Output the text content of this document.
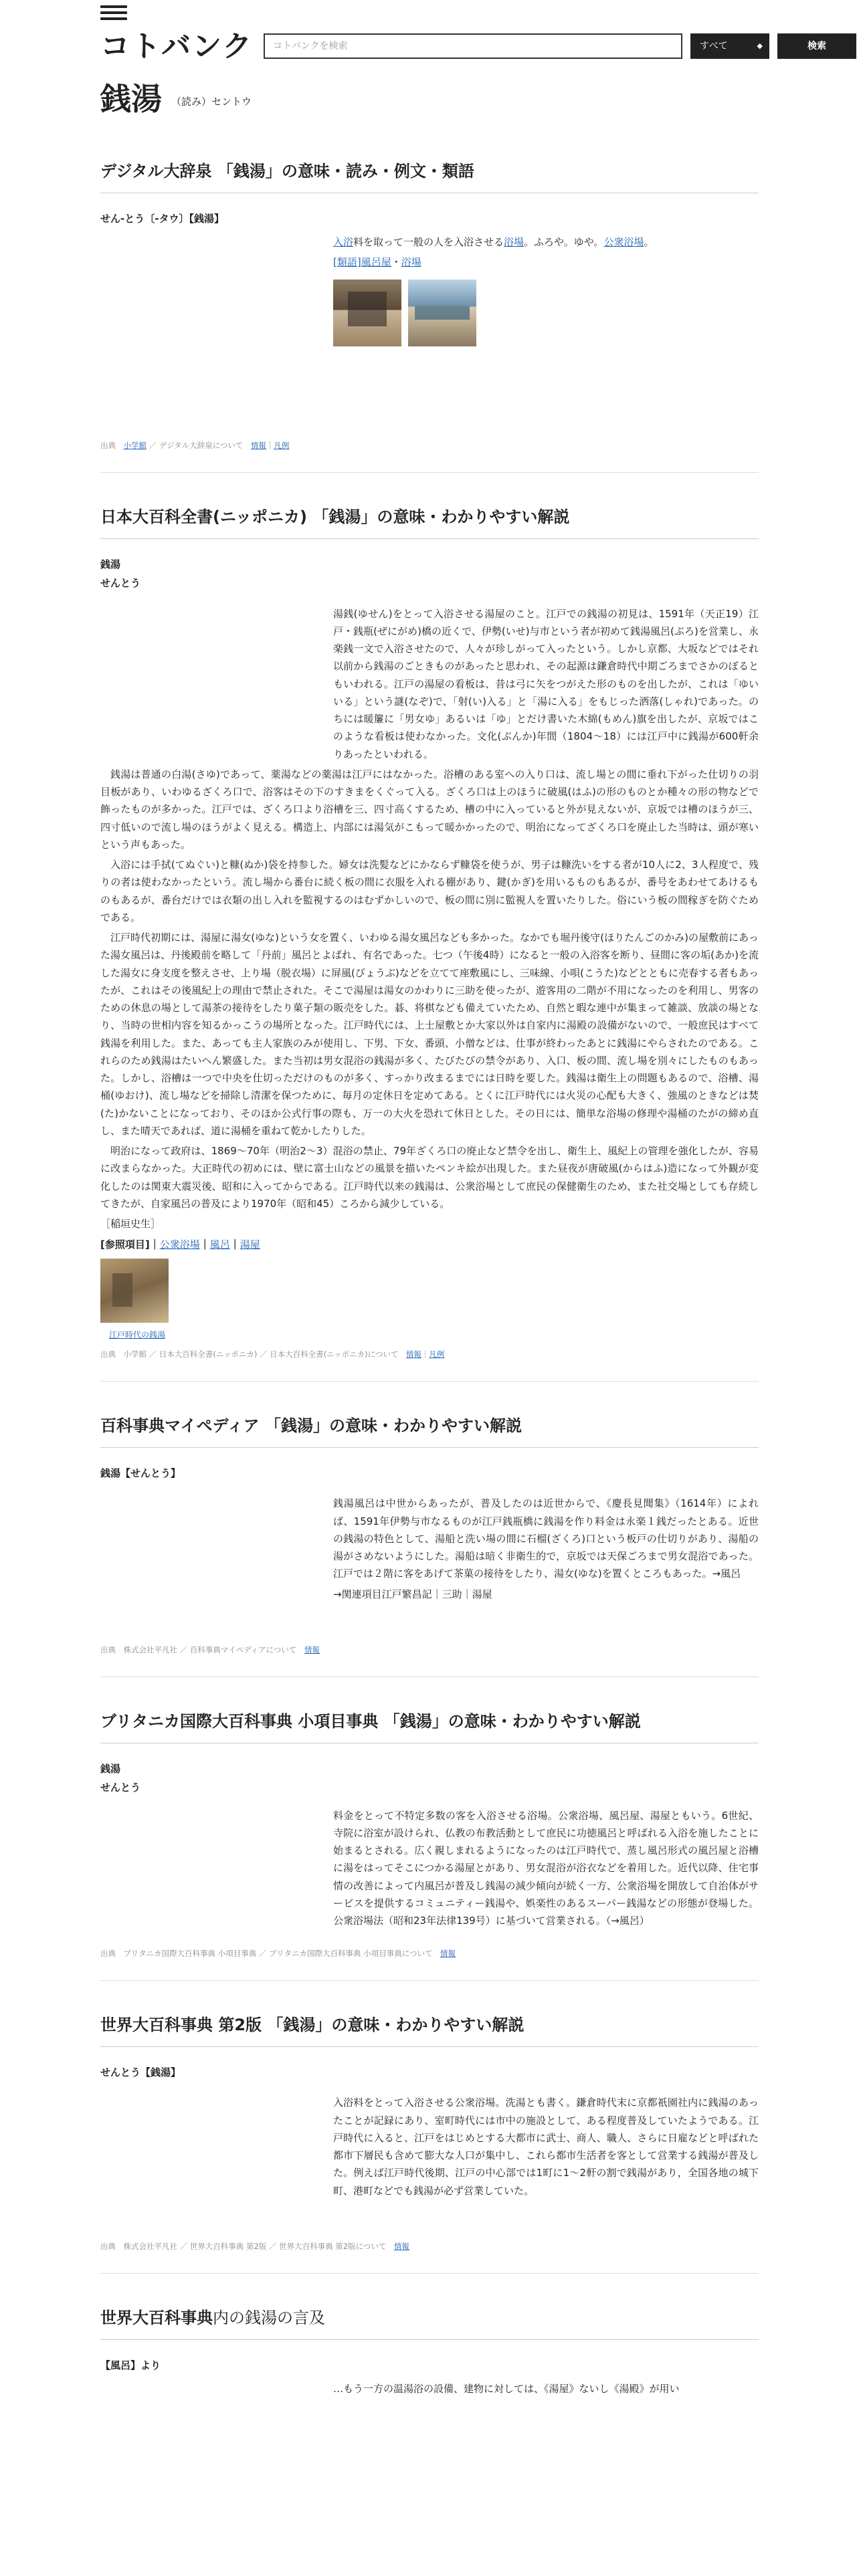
コトバンク	コトバンクを検索	すべて	◆	検索
銭湯 （読み）セントウ
デジタル大辞泉 「銭湯」の意味・読み・例文・類語
せん‐とう〔‐タウ〕【銭湯】

入浴料を取って一般の人を入浴させる浴場。ふろや。ゆや。公衆浴場。

[類語]風呂屋・浴場

出典　 小学館 ／ デジタル大辞泉について　 情報｜凡例
日本大百科全書(ニッポニカ) 「銭湯」の意味・わかりやすい解説
銭湯
せんとう

湯銭(ゆせん)をとって入浴させる湯屋のこと。江戸での銭湯の初見は、1591年（天正19）江戸・銭瓶(ぜにがめ)橋の近くで、伊勢(いせ)与市という者が初めて銭湯風呂(ぶろ)を営業し、永楽銭一文で入浴させたので、人々が珍しがって入ったという。しかし京都、大坂などではそれ以前から銭湯のごときものがあったと思われ、その起源は鎌倉時代中期ごろまでさかのぼるともいわれる。江戸の湯屋の看板は、昔は弓に矢をつがえた形のものを出したが、これは「ゆいいる」という謎(なぞ)で、「射(い)入る」と「湯に入る」をもじった洒落(しゃれ)であった。のちには暖簾に「男女ゆ」あるいは「ゆ」とだけ書いた木綿(もめん)旗を出したが、京坂ではこのような看板は使わなかった。文化(ぶんか)年間（1804〜18）には江戸中に銭湯が600軒余りあったといわれる。

銭湯は普通の白湯(さゆ)であって、薬湯などの薬湯は江戸にはなかった。浴槽のある室への入り口は、流し場との間に垂れ下がった仕切りの羽目板があり、いわゆるざくろ口で、浴客はその下のすきまをくぐって入る。ざくろ口は上のほうに破風(はふ)の形のものとか種々の形の物などで飾ったものが多かった。江戸では、ざくろ口より浴槽を三、四寸高くするため、槽の中に入っていると外が見えないが、京坂では槽のほうが三、四寸低いので流し場のほうがよく見える。構造上、内部には湯気がこもって暖かかったので、明治になってざくろ口を廃止した当時は、頭が寒いという声もあった。

入浴には手拭(てぬぐい)と糠(ぬか)袋を持参した。婦女は洗髪などにかならず糠袋を使うが、男子は糠洗いをする者が10人に2、3人程度で、残りの者は使わなかったという。流し場から番台に続く板の間に衣服を入れる棚があり、鍵(かぎ)を用いるものもあるが、番号をあわせてあけるものもあるが、番台だけでは衣類の出し入れを監視するのはむずかしいので、板の間に別に監視人を置いたりした。俗にいう板の間稼ぎを防ぐためである。

江戸時代初期には、湯屋に湯女(ゆな)という女を置く、いわゆる湯女風呂なども多かった。なかでも堀丹後守(ほりたんごのかみ)の屋敷前にあった湯女風呂は、丹後殿前を略して「丹前」風呂とよばれ、有名であった。七つ（午後4時）になると一般の入浴客を断り、昼間に客の垢(あか)を流した湯女に身支度を整えさせ、上り場（脱衣場）に屏風(びょうぶ)などを立てて座敷風にし、三味線、小唄(こうた)などとともに売春する者もあったが、これはその後風紀上の理由で禁止された。そこで湯屋は湯女のかわりに三助を使ったが、遊客用の二階が不用になったのを利用し、男客のための休息の場として湯茶の接待をしたり菓子類の販売をした。碁、将棋なども備えていたため、自然と暇な連中が集まって雑談、放談の場となり、当時の世相内容を知るかっこうの場所となった。江戸時代には、上士屋敷とか大家以外は自家内に湯殿の設備がないので、一般庶民はすべて銭湯を利用した。また、あっても主人家族のみが使用し、下男、下女、番頭、小僧などは、仕事が終わったあとに銭湯にやらされたのである。これらのため銭湯はたいへん繁盛した。また当初は男女混浴の銭湯が多く、たびたびの禁令があり、入口、板の間、流し場を別々にしたものもあった。しかし、浴槽は一つで中央を仕切っただけのものが多く、すっかり改まるまでには日時を要した。銭湯は衛生上の問題もあるので、浴槽、湯桶(ゆおけ)、流し場などを掃除し清潔を保つために、毎月の定休日を定めてある。とくに江戸時代には火災の心配も大きく、強風のときなどは焚(た)かないことになっており、そのほか公式行事の際も、万一の大火を恐れて休日とした。その日には、簡単な浴場の修理や湯桶のたがの締め直し、また晴天であれば、道に湯桶を重ねて乾かしたりした。

明治になって政府は、1869〜70年（明治2〜3）混浴の禁止、79年ざくろ口の廃止など禁令を出し、衛生上、風紀上の管理を強化したが、容易に改まらなかった。大正時代の初めには、壁に富士山などの風景を描いたペンキ絵が出現した。また昼夜が唐破風(からはふ)造になって外観が変化したのは関東大震災後、昭和に入ってからである。江戸時代以来の銭湯は、公衆浴場として庶民の保健衛生のため、また社交場としても存続してきたが、自家風呂の普及により1970年（昭和45）ころから減少している。

［稲垣史生］

[参照項目]｜公衆浴場｜風呂｜湯屋
江戸時代の銭湯
出典　 小学館 ／ 日本大百科全書(ニッポニカ) ／ 日本大百科全書(ニッポニカ)について　 情報｜凡例
百科事典マイペディア 「銭湯」の意味・わかりやすい解説
銭湯【せんとう】

銭湯風呂は中世からあったが、普及したのは近世からで、《慶長見聞集》（1614年）によれば、1591年伊勢与市なるものが江戸銭瓶橋に銭湯を作り料金は永楽１銭だったとある。近世の銭湯の特色として、湯船と洗い場の間に石榴(ざくろ)口という板戸の仕切りがあり、湯船の湯がさめないようにした。湯船は暗く非衛生的で，京坂では天保ごろまで男女混浴であった。江戸では２階に客をあげて茶菓の接待をしたり、湯女(ゆな)を置くところもあった。→風呂

→関連項目江戸繁昌記｜三助｜湯屋

出典　 株式会社平凡社 ／ 百科事典マイペディアについて　 情報
ブリタニカ国際大百科事典 小項目事典 「銭湯」の意味・わかりやすい解説
銭湯
せんとう

料金をとって不特定多数の客を入浴させる浴場。公衆浴場、風呂屋、湯屋ともいう。6世紀、寺院に浴室が設けられ、仏教の布教活動として庶民に功徳風呂と呼ばれる入浴を施したことに始まるとされる。広く親しまれるようになったのは江戸時代で、蒸し風呂形式の風呂屋と浴槽に湯をはってそこにつかる湯屋とがあり、男女混浴が浴衣などを着用した。近代以降、住宅事情の改善によって内風呂が普及し銭湯の減少傾向が続く一方、公衆浴場を開放して自治体がサービスを提供するコミュニティー銭湯や、娯楽性のあるスーパー銭湯などの形態が登場した。公衆浴場法（昭和23年法律139号）に基づいて営業される。（→風呂）

出典　 ブリタニカ国際大百科事典 小項目事典 ／ ブリタニカ国際大百科事典 小項目事典について　 情報
世界大百科事典 第2版 「銭湯」の意味・わかりやすい解説
せんとう【銭湯】

入浴料をとって入浴させる公衆浴場。洗湯とも書く。鎌倉時代末に京都祇園社内に銭湯のあったことが記録にあり、室町時代には市中の施設として、ある程度普及していたようである。江戸時代に入ると、江戸をはじめとする大都市に武士、商人、職人、さらに日雇などと呼ばれた都市下層民も含めて膨大な人口が集中し、これら都市生活者を客として営業する銭湯が普及した。例えば江戸時代後期、江戸の中心部では1町に1〜2軒の割で銭湯があり，全国各地の城下町、港町などでも銭湯が必ず営業していた。

出典　 株式会社平凡社 ／ 世界大百科事典 第2版 ／ 世界大百科事典 第2版について　 情報
世界大百科事典内の銭湯の言及
【風呂】より

…もう一方の温湯浴の設備、建物に対しては、《湯屋》ないし《湯殿》が用い
